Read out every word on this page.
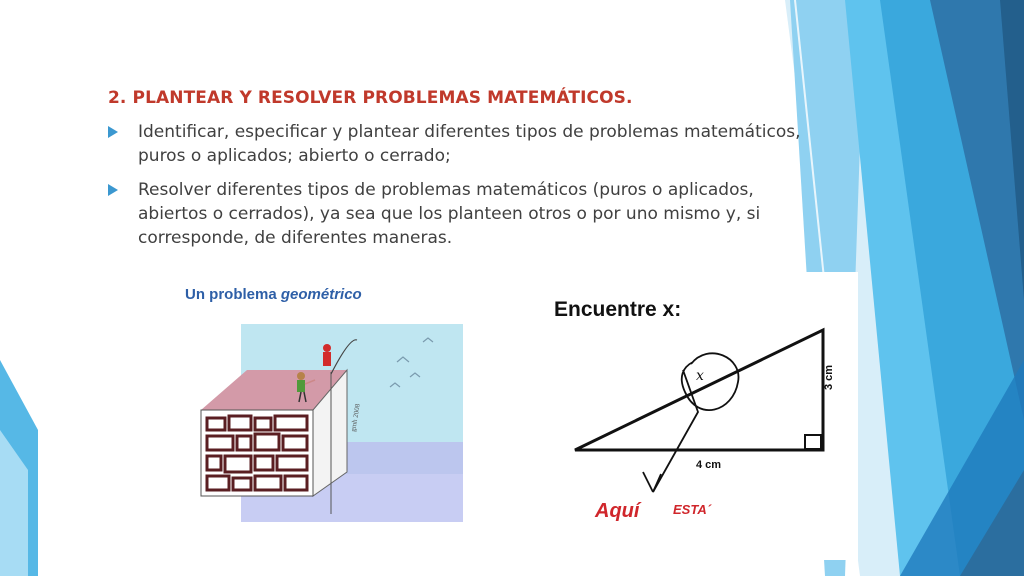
2. PLANTEAR Y RESOLVER PROBLEMAS MATEMÁTICOS.

Identificar, especificar y plantear diferentes tipos de problemas matemáticos, puros o aplicados; abierto o cerrado;
Resolver diferentes tipos de problemas matemáticos (puros o aplicados, abiertos o cerrados), ya sea que los planteen otros o por uno mismo y, si corresponde, de diferentes maneras.
Un problema geométrico
gmh 2008
Encuentre x:
x
4 cm
3 cm
Aquí	ESTA´
